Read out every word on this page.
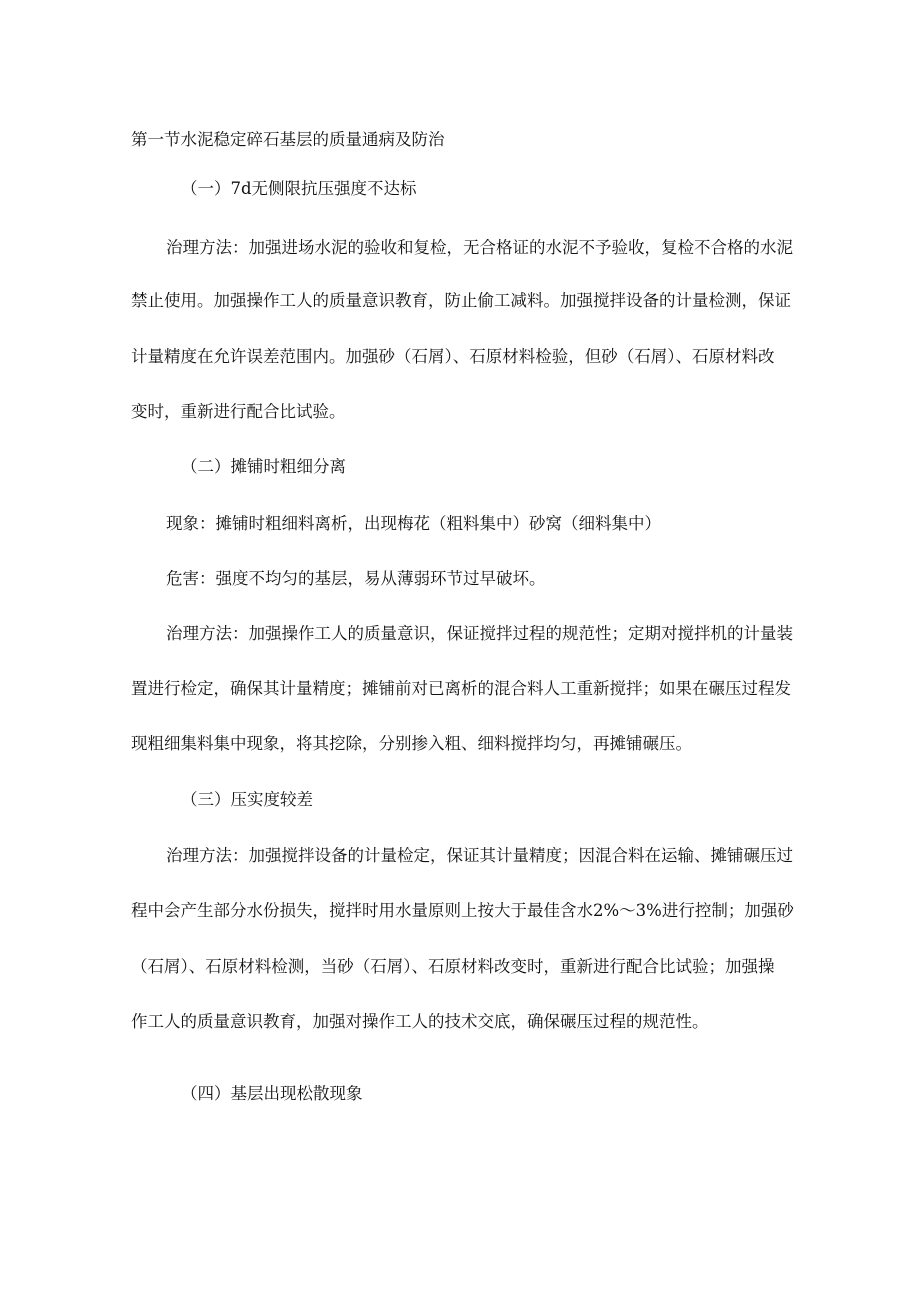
第一节水泥稳定碎石基层的质量通病及防治
（一）7d无侧限抗压强度不达标
治理方法：加强进场水泥的验收和复检，无合格证的水泥不予验收，复检不合格的水泥
禁止使用。加强操作工人的质量意识教育，防止偷工减料。加强搅拌设备的计量检测，保证
计量精度在允许误差范围内。加强砂（石屑）、石原材料检验，但砂（石屑）、石原材料改
变时，重新进行配合比试验。
（二）摊铺时粗细分离
现象：摊铺时粗细料离析，出现梅花（粗料集中）砂窝（细料集中）
危害：强度不均匀的基层，易从薄弱环节过早破坏。
治理方法：加强操作工人的质量意识，保证搅拌过程的规范性；定期对搅拌机的计量装
置进行检定，确保其计量精度；摊铺前对已离析的混合料人工重新搅拌；如果在碾压过程发
现粗细集料集中现象，将其挖除，分别掺入粗、细料搅拌均匀，再摊铺碾压。
（三）压实度较差
治理方法：加强搅拌设备的计量检定，保证其计量精度；因混合料在运输、摊铺碾压过
程中会产生部分水份损失，搅拌时用水量原则上按大于最佳含水2%～3%进行控制；加强砂
（石屑）、石原材料检测，当砂（石屑）、石原材料改变时，重新进行配合比试验；加强操
作工人的质量意识教育，加强对操作工人的技术交底，确保碾压过程的规范性。
（四）基层出现松散现象
